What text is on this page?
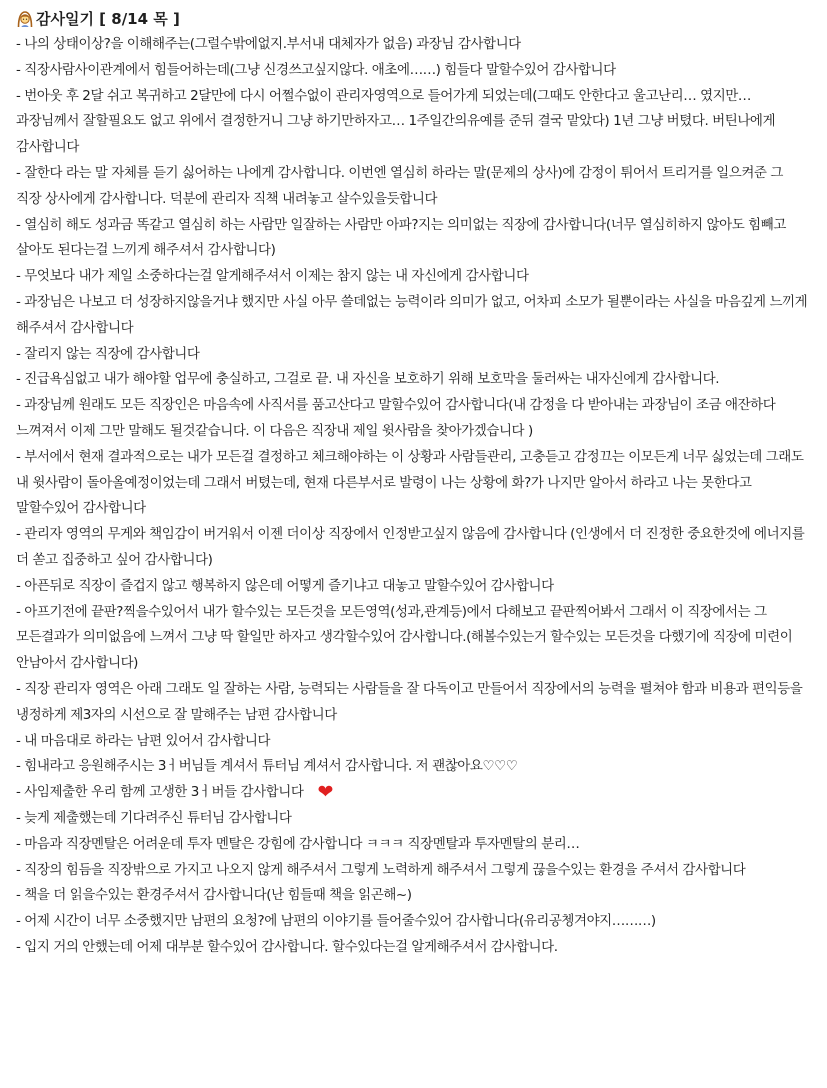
감사일기 [ 8/14 목 ]
- 나의 상태이상?을 이해해주는(그럴수밖에없지.부서내 대체자가 없음) 과장님 감사합니다
- 직장사람사이관계에서 힘들어하는데(그냥 신경쓰고싶지않다. 애초에……) 힘들다 말할수있어 감사합니다
- 번아웃 후 2달 쉬고 복귀하고 2달만에 다시 어쩔수없이 관리자영역으로 들어가게 되었는데(그때도 안한다고 울고난리… 였지만… 과장님께서 잘할필요도 없고 위에서 결정한거니 그냥 하기만하자고… 1주일간의유예를 준뒤 결국 맡았다) 1년 그냥 버텼다. 버틴나에게 감사합니다
- 잘한다 라는 말 자체를 듣기 싫어하는 나에게 감사합니다. 이번엔 열심히 하라는 말(문제의 상사)에 감정이 튀어서 트리거를 일으켜준 그 직장 상사에게 감사합니다. 덕분에 관리자 직책 내려놓고 살수있을듯합니다
- 열심히 해도 성과금 똑같고 열심히 하는 사람만 일잘하는 사람만 아파?지는 의미없는 직장에 감사합니다(너무 열심히하지 않아도 힘빼고 살아도 된다는걸 느끼게 해주셔서 감사합니다)
- 무엇보다 내가 제일 소중하다는걸 알게해주셔서 이제는 참지 않는 내 자신에게 감사합니다
- 과장님은 나보고 더 성장하지않을거냐 했지만 사실 아무 쓸데없는 능력이라 의미가 없고, 어차피 소모가 될뿐이라는 사실을 마음깊게 느끼게 해주셔서 감사합니다
- 잘리지 않는 직장에 감사합니다
- 진급욕심없고 내가 해야할 업무에 충실하고, 그걸로 끝. 내 자신을 보호하기 위해 보호막을 둘러싸는 내자신에게 감사합니다.
- 과장님께 원래도 모든 직장인은 마음속에 사직서를 품고산다고 말할수있어 감사합니다(내 감정을 다 받아내는 과장님이 조금 애잔하다 느껴져서 이제 그만 말해도 될것같습니다. 이 다음은 직장내 제일 윗사람을 찾아가겠습니다 )
- 부서에서 현재 결과적으로는 내가 모든걸 결정하고 체크해야하는 이 상황과 사람들관리, 고충듣고 감정끄는 이모든게 너무 싫었는데 그래도 내 윗사람이 돌아올예정이었는데 그래서 버텼는데, 현재 다른부서로 발령이 나는 상황에 화?가 나지만 알아서 하라고 나는 못한다고 말할수있어 감사합니다
- 관리자 영역의 무게와 책임감이 버거워서 이젠 더이상 직장에서 인정받고싶지 않음에 감사합니다 (인생에서 더 진정한 중요한것에 에너지를 더 쏟고 집중하고 싶어 감사합니다)
- 아픈뒤로 직장이 즐겁지 않고 행복하지 않은데 어떻게 즐기냐고 대놓고 말할수있어 감사합니다
- 아프기전에 끝판?찍을수있어서 내가 할수있는 모든것을 모든영역(성과,관계등)에서 다해보고 끝판찍어봐서 그래서 이 직장에서는 그 모든결과가 의미없음에 느껴서 그냥 딱 할일만 하자고 생각할수있어 감사합니다.(해볼수있는거 할수있는 모든것을 다했기에 직장에 미련이 안남아서 감사합니다)
- 직장 관리자 영역은 아래 그래도 일 잘하는 사람, 능력되는 사람들을 잘 다독이고 만들어서 직장에서의 능력을 펼쳐야 함과 비용과 편익등을 냉정하게 제3자의 시선으로 잘 말해주는 남편 감사합니다
- 내 마음대로 하라는 남편 있어서 감사합니다
- 힘내라고 응원해주시는 3ㅓ버님들 계셔서 튜터님 계셔서 감사합니다. 저 괜찮아요♡♡♡
- 사임제출한 우리 함께 고생한 3ㅓ버들 감사합니다 ❤
- 늦게 제출했는데 기다려주신 튜터님 감사합니다
- 마음과 직장멘탈은 어려운데 투자 멘탈은 강힘에 감사합니다 ㅋㅋㅋ 직장멘탈과 투자멘탈의 분리…
- 직장의 힘듬을 직장밖으로 가지고 나오지 않게 해주셔서 그렇게 노력하게 해주셔서 그렇게 끊을수있는 환경을 주셔서 감사합니다
- 책을 더 읽을수있는 환경주셔서 감사합니다(난 힘들때 책을 읽곤해~)
- 어제 시간이 너무 소중했지만 남편의 요청?에 남편의 이야기를 들어줄수있어 감사합니다(유리공쳉겨야지………)
- 입지 거의 안했는데 어제 대부분 할수있어 감사합니다. 할수있다는걸 알게해주셔서 감사합니다.
